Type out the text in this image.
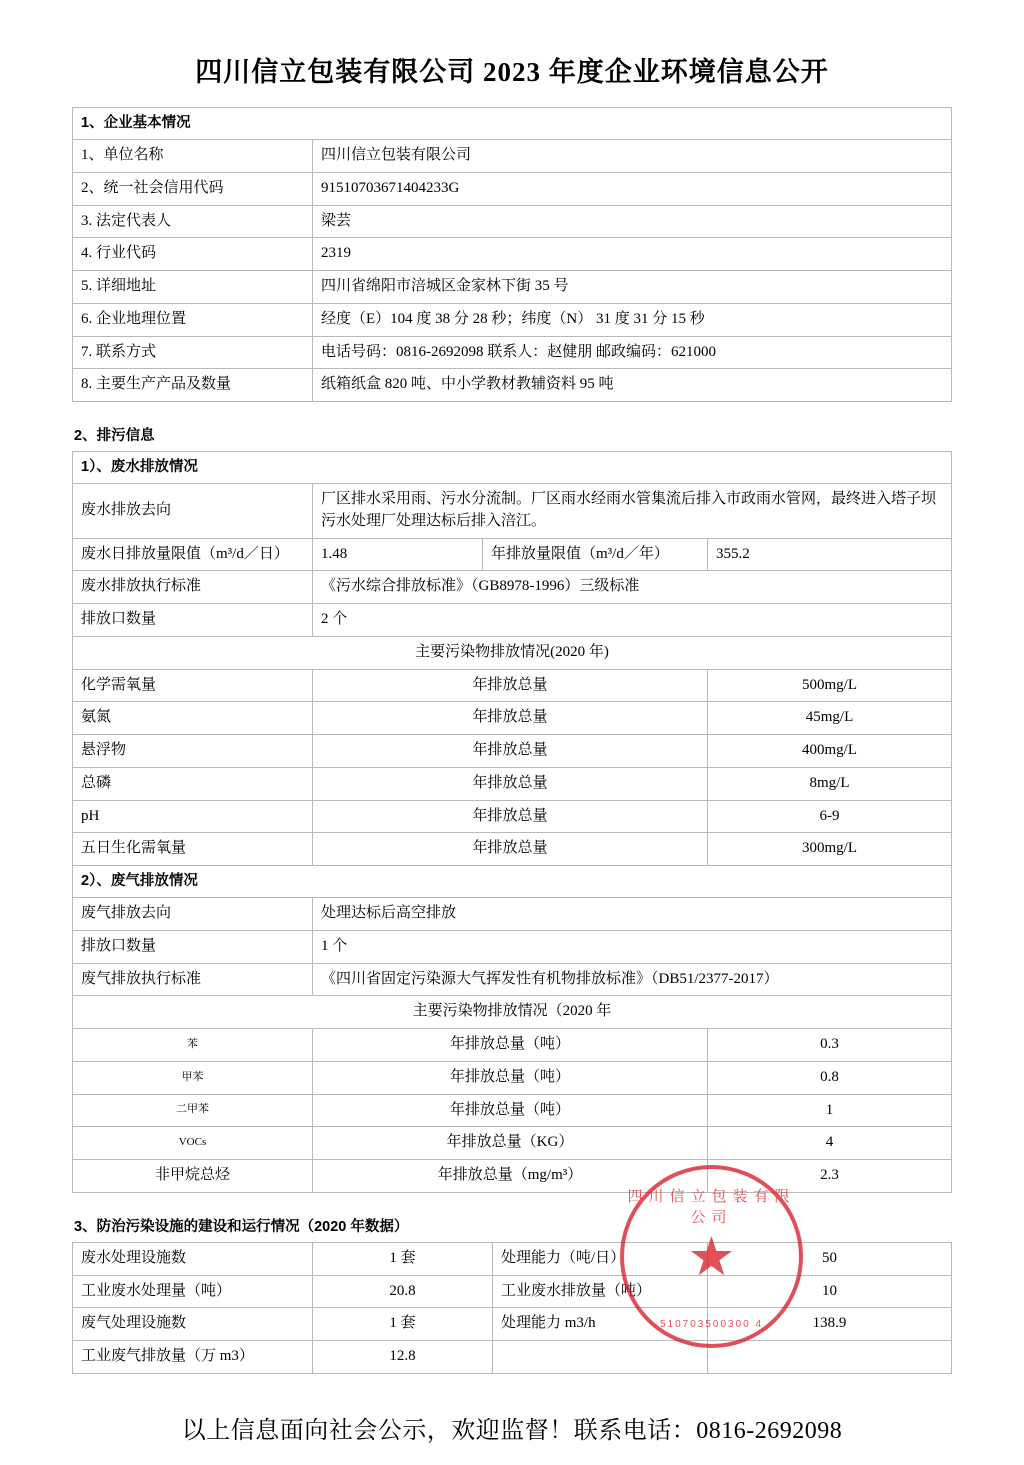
四川信立包装有限公司 2023 年度企业环境信息公开
1、企业基本情况	
1、单位名称	四川信立包装有限公司
2、统一社会信用代码	91510703671404233G
3. 法定代表人	梁芸
4. 行业代码	2319
5. 详细地址	四川省绵阳市涪城区金家林下街 35 号
6. 企业地理位置	经度（E）104 度 38 分 28 秒；纬度（N） 31 度 31 分 15 秒
7. 联系方式	电话号码：0816-2692098 联系人：赵健朋 邮政编码：621000
8. 主要生产产品及数量	纸箱纸盒 820 吨、中小学教材教辅资料 95 吨
2、排污信息
1）、废水排放情况			
废水排放去向	厂区排水采用雨、污水分流制。厂区雨水经雨水管集流后排入市政雨水管网，最终进入塔子坝污水处理厂处理达标后排入涪江。		
废水日排放量限值（m³/d／日）	1.48	年排放量限值（m³/d／年）	355.2
废水排放执行标准	《污水综合排放标准》（GB8978-1996）三级标准		
排放口数量	2 个		
主要污染物排放情况(2020 年)			
化学需氧量	年排放总量		500mg/L
氨氮	年排放总量		45mg/L
悬浮物	年排放总量		400mg/L
总磷	年排放总量		8mg/L
pH	年排放总量		6-9
五日生化需氧量	年排放总量		300mg/L
2）、废气排放情况			
废气排放去向	处理达标后高空排放		
排放口数量	1 个		
废气排放执行标准	《四川省固定污染源大气挥发性有机物排放标准》（DB51/2377-2017）		
主要污染物排放情况（2020 年			
苯	年排放总量（吨）		0.3
甲苯	年排放总量（吨）		0.8
二甲苯	年排放总量（吨）		1
VOCs	年排放总量（KG）		4
非甲烷总烃	年排放总量（mg/m³）		2.3
3、防治污染设施的建设和运行情况（2020 年数据）
废水处理设施数	1 套	处理能力（吨/日）	50
工业废水处理量（吨）	20.8	工业废水排放量（吨）	10
废气处理设施数	1 套	处理能力 m3/h	138.9
工业废气排放量（万 m3）	12.8		
以上信息面向社会公示，欢迎监督！联系电话：0816-2692098
四川信立包装有限公司
★
510703500300 4
